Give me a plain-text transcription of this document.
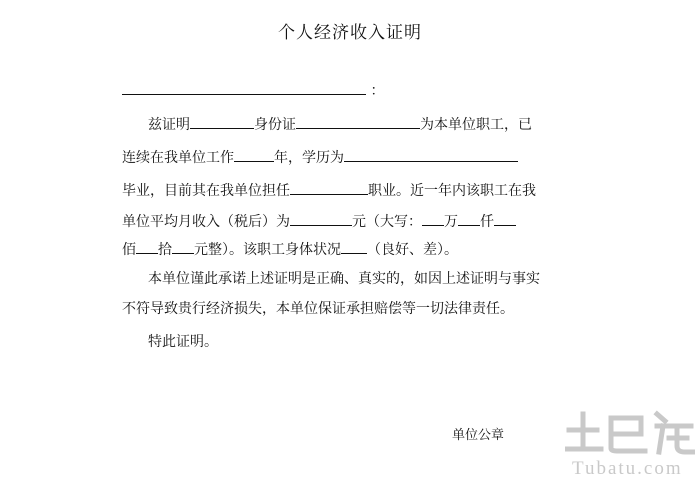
个人经济收入证明
：
兹证明	身份证	为本单位职工，已
连续在我单位工作	年，学历为
毕业，目前其在我单位担任	职业。近一年内该职工在我
单位平均月收入（税后）为	元（大写： 万 仟
佰 拾 元整）。该职工身体状况 （良好、差）。
本单位谨此承诺上述证明是正确、真实的，如因上述证明与事实
不符导致贵行经济损失，本单位保证承担赔偿等一切法律责任。
特此证明。
单位公章
Tubatu.com
